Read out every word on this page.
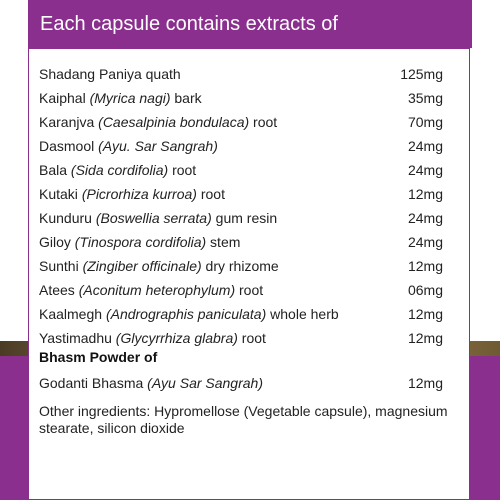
Each capsule contains extracts of
Shadang Paniya quath	125mg
Kaiphal (Myrica nagi) bark	35mg
Karanjva (Caesalpinia bondulaca) root	70mg
Dasmool (Ayu. Sar Sangrah)	24mg
Bala (Sida cordifolia) root	24mg
Kutaki (Picrorhiza kurroa) root	12mg
Kunduru (Boswellia serrata) gum resin	24mg
Giloy (Tinospora cordifolia) stem	24mg
Sunthi (Zingiber officinale) dry rhizome	12mg
Atees (Aconitum heterophylum) root	06mg
Kaalmegh (Andrographis paniculata) whole herb	12mg
Yastimadhu (Glycyrrhiza glabra) root	12mg
Bhasm Powder of
Godanti Bhasma (Ayu Sar Sangrah)	12mg
Other ingredients: Hypromellose (Vegetable capsule), magnesium stearate, silicon dioxide
